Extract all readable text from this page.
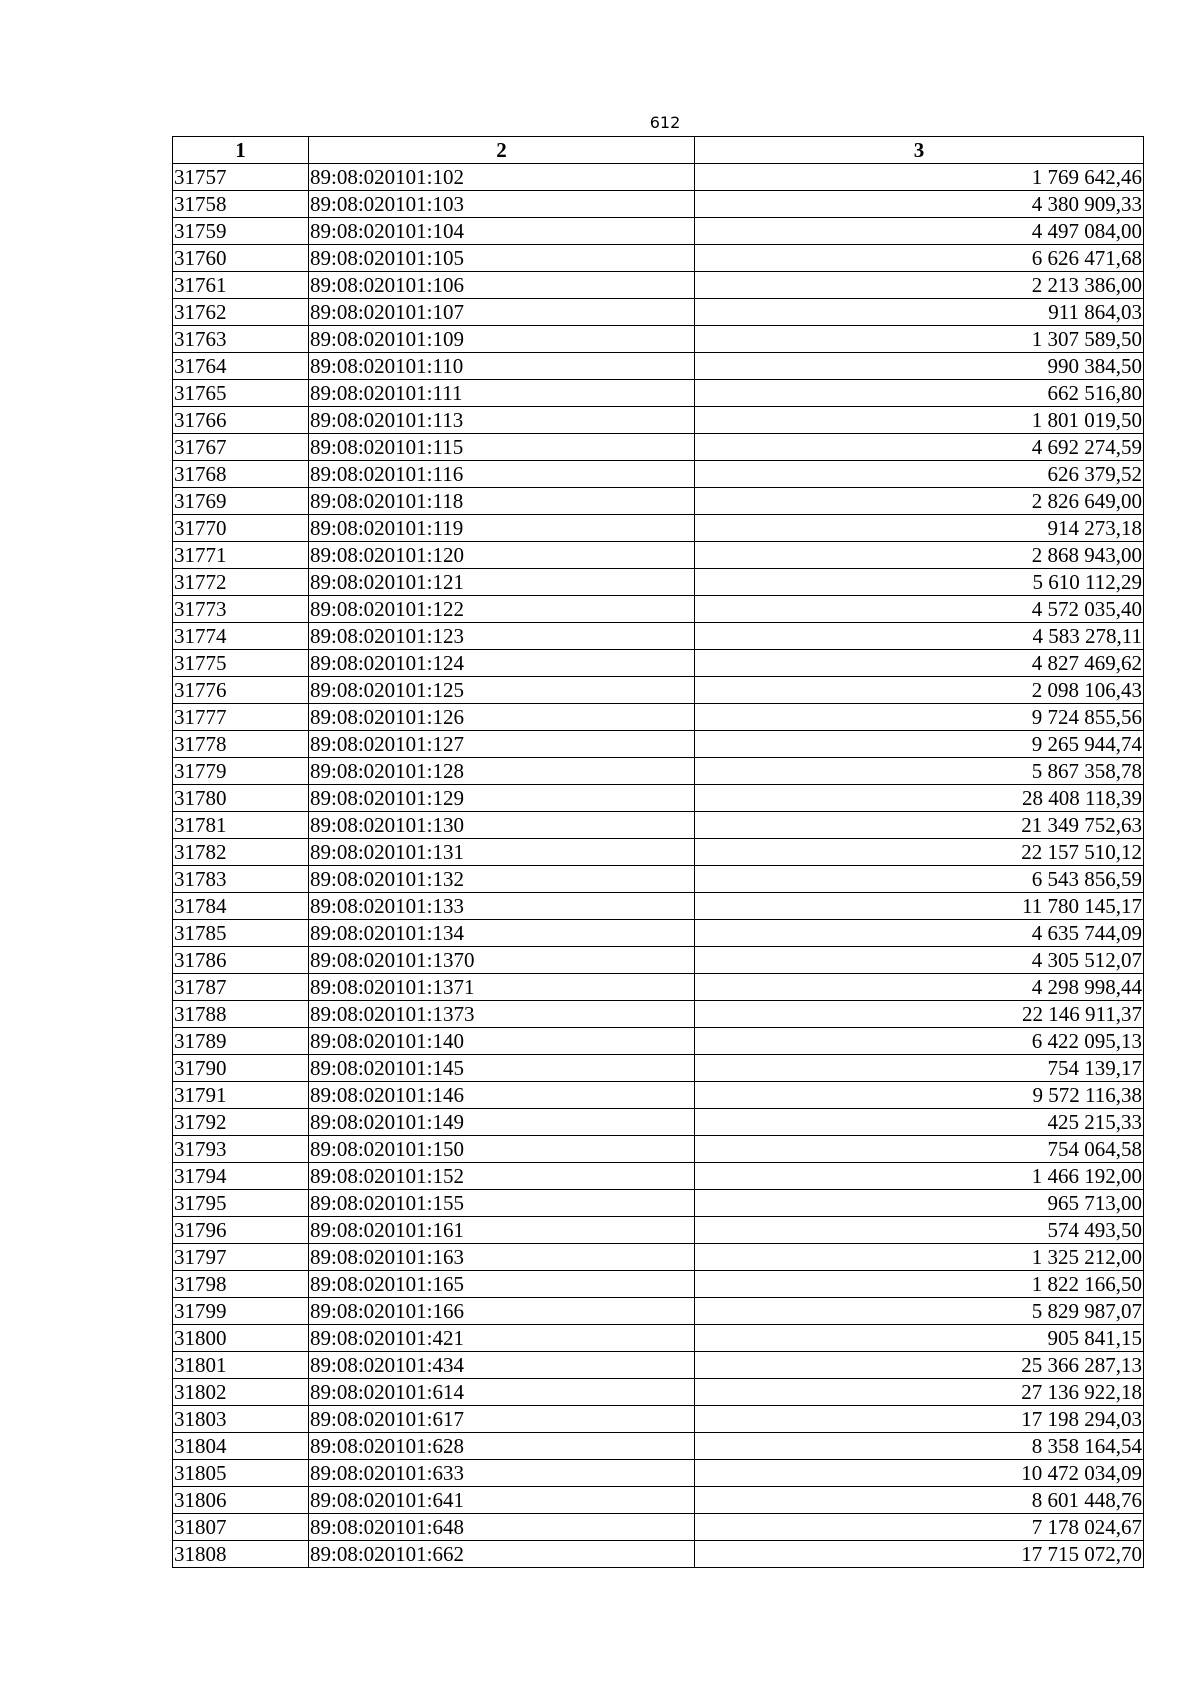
612
1	2	3
31757	89:08:020101:102	1 769 642,46
31758	89:08:020101:103	4 380 909,33
31759	89:08:020101:104	4 497 084,00
31760	89:08:020101:105	6 626 471,68
31761	89:08:020101:106	2 213 386,00
31762	89:08:020101:107	911 864,03
31763	89:08:020101:109	1 307 589,50
31764	89:08:020101:110	990 384,50
31765	89:08:020101:111	662 516,80
31766	89:08:020101:113	1 801 019,50
31767	89:08:020101:115	4 692 274,59
31768	89:08:020101:116	626 379,52
31769	89:08:020101:118	2 826 649,00
31770	89:08:020101:119	914 273,18
31771	89:08:020101:120	2 868 943,00
31772	89:08:020101:121	5 610 112,29
31773	89:08:020101:122	4 572 035,40
31774	89:08:020101:123	4 583 278,11
31775	89:08:020101:124	4 827 469,62
31776	89:08:020101:125	2 098 106,43
31777	89:08:020101:126	9 724 855,56
31778	89:08:020101:127	9 265 944,74
31779	89:08:020101:128	5 867 358,78
31780	89:08:020101:129	28 408 118,39
31781	89:08:020101:130	21 349 752,63
31782	89:08:020101:131	22 157 510,12
31783	89:08:020101:132	6 543 856,59
31784	89:08:020101:133	11 780 145,17
31785	89:08:020101:134	4 635 744,09
31786	89:08:020101:1370	4 305 512,07
31787	89:08:020101:1371	4 298 998,44
31788	89:08:020101:1373	22 146 911,37
31789	89:08:020101:140	6 422 095,13
31790	89:08:020101:145	754 139,17
31791	89:08:020101:146	9 572 116,38
31792	89:08:020101:149	425 215,33
31793	89:08:020101:150	754 064,58
31794	89:08:020101:152	1 466 192,00
31795	89:08:020101:155	965 713,00
31796	89:08:020101:161	574 493,50
31797	89:08:020101:163	1 325 212,00
31798	89:08:020101:165	1 822 166,50
31799	89:08:020101:166	5 829 987,07
31800	89:08:020101:421	905 841,15
31801	89:08:020101:434	25 366 287,13
31802	89:08:020101:614	27 136 922,18
31803	89:08:020101:617	17 198 294,03
31804	89:08:020101:628	8 358 164,54
31805	89:08:020101:633	10 472 034,09
31806	89:08:020101:641	8 601 448,76
31807	89:08:020101:648	7 178 024,67
31808	89:08:020101:662	17 715 072,70
